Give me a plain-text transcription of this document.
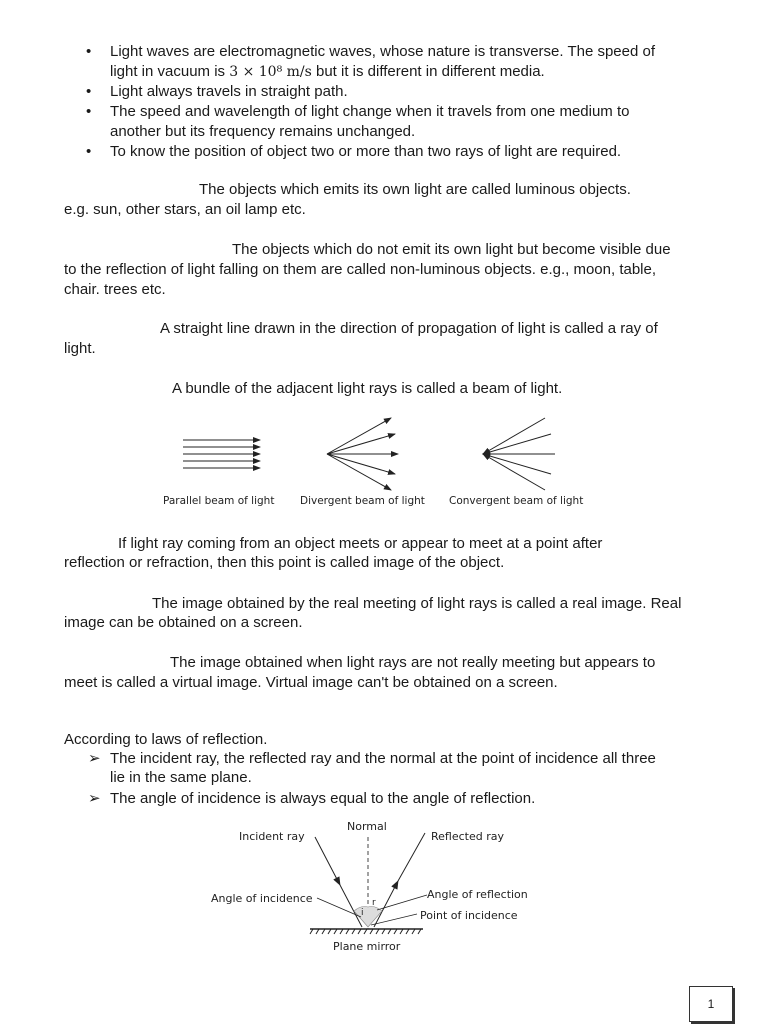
• Light waves are electromagnetic waves, whose nature is transverse. The speed of
light in vacuum is 3 × 10⁸ m/s but it is different in different media.
• Light always travels in straight path.
• The speed and wavelength of light change when it travels from one medium to
another but its frequency remains unchanged.
• To know the position of object two or more than two rays of light are required.
The objects which emits its own light are called luminous objects.
e.g. sun, other stars, an oil lamp etc.
The objects which do not emit its own light but become visible due
to the reflection of light falling on them are called non-luminous objects. e.g., moon, table,
chair. trees etc.
A straight line drawn in the direction of propagation of light is called a ray of
light.
A bundle of the adjacent light rays is called a beam of light.
Parallel beam of light Divergent beam of light Convergent beam of light
If light ray coming from an object meets or appear to meet at a point after
reflection or refraction, then this point is called image of the object.
The image obtained by the real meeting of light rays is called a real image. Real
image can be obtained on a screen.
The image obtained when light rays are not really meeting but appears to
meet is called a virtual image. Virtual image can't be obtained on a screen.
According to laws of reflection.
➢ The incident ray, the reflected ray and the normal at the point of incidence all three
lie in the same plane.
➢ The angle of incidence is always equal to the angle of reflection.
i
r
Normal
Incident ray	Reflected ray
Angle of incidence	Angle of reflection
Point of incidence
Plane mirror
1
